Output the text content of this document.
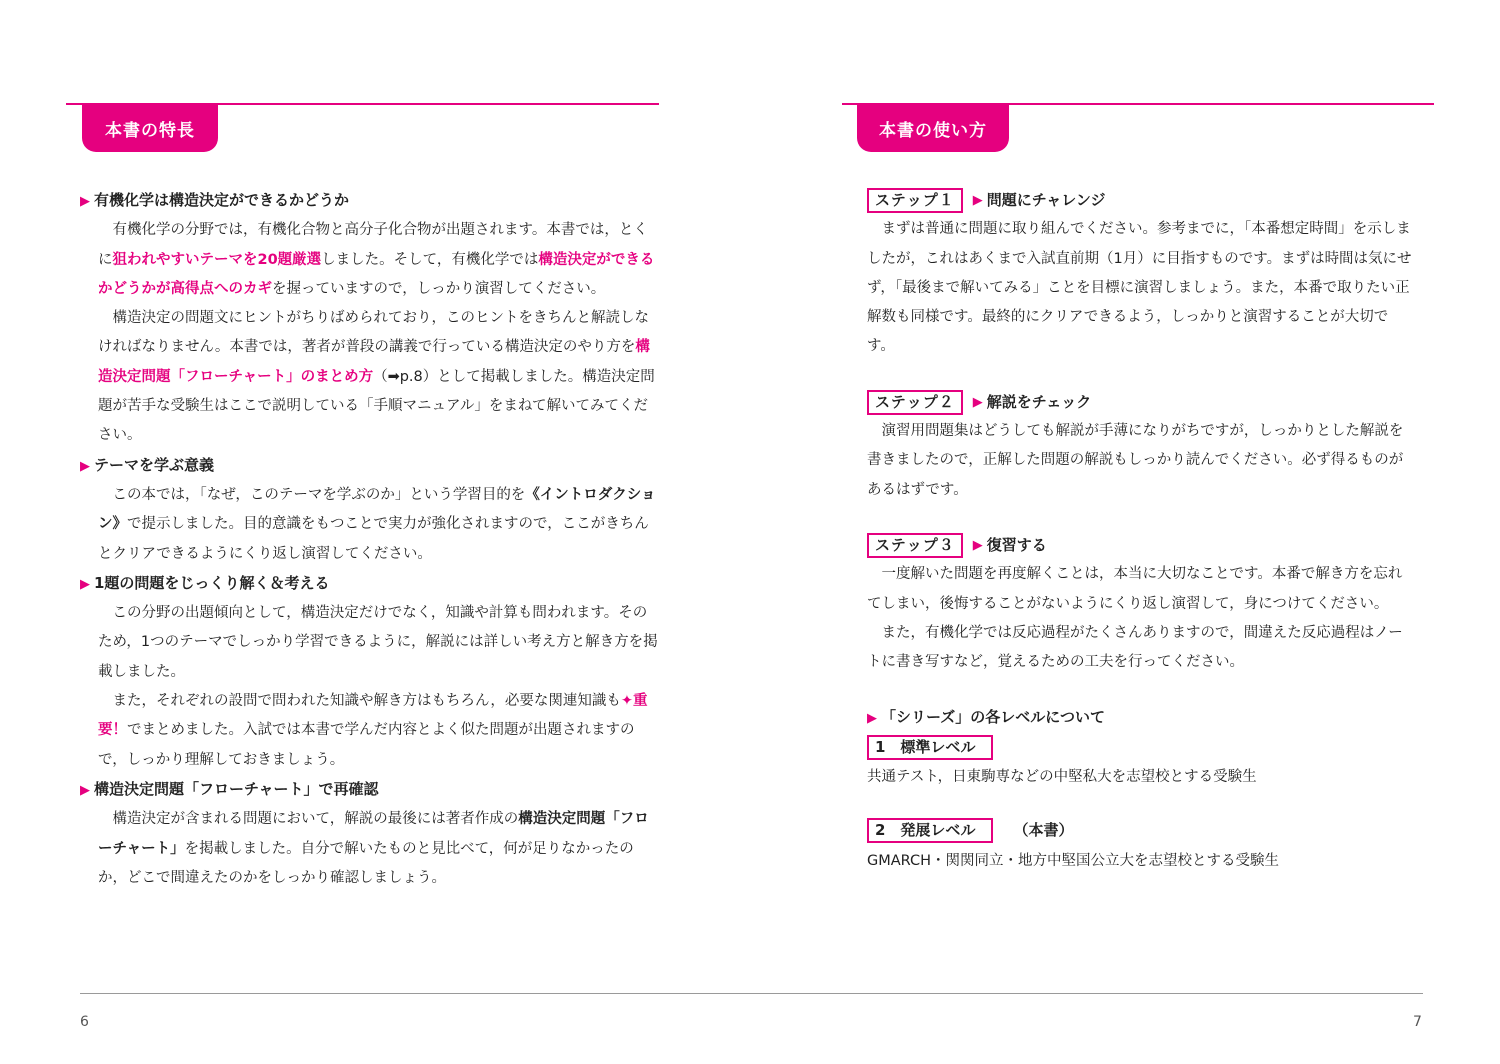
本書の特長

▶ 有機化学は構造決定ができるかどうか

有機化学の分野では，有機化合物と高分子化合物が出題されます。本書では，とくに狙われやすいテーマを20題厳選しました。そして，有機化学では構造決定ができるかどうかが高得点へのカギを握っていますので，しっかり演習してください。

構造決定の問題文にヒントがちりばめられており，このヒントをきちんと解読しなければなりません。本書では，著者が普段の講義で行っている構造決定のやり方を構造決定問題「フローチャート」のまとめ方（➡p.8）として掲載しました。構造決定問題が苦手な受験生はここで説明している「手順マニュアル」をまねて解いてみてください。

▶ テーマを学ぶ意義

この本では，「なぜ，このテーマを学ぶのか」という学習目的を《イントロダクション》で提示しました。目的意識をもつことで実力が強化されますので，ここがきちんとクリアできるようにくり返し演習してください。

▶ 1題の問題をじっくり解く＆考える

この分野の出題傾向として，構造決定だけでなく，知識や計算も問われます。そのため，1つのテーマでしっかり学習できるように，解説には詳しい考え方と解き方を掲載しました。

また，それぞれの設問で問われた知識や解き方はもちろん，必要な関連知識も✦重要！でまとめました。入試では本書で学んだ内容とよく似た問題が出題されますので，しっかり理解しておきましょう。

▶ 構造決定問題「フローチャート」で再確認

構造決定が含まれる問題において，解説の最後には著者作成の構造決定問題「フローチャート」を掲載しました。自分で解いたものと見比べて，何が足りなかったのか，どこで間違えたのかをしっかり確認しましょう。

6
本書の使い方
ステップ１	▶ 問題にチャレンジ

まずは普通に問題に取り組んでください。参考までに，「本番想定時間」を示しましたが，これはあくまで入試直前期（1月）に目指すものです。まずは時間は気にせず，「最後まで解いてみる」ことを目標に演習しましょう。また，本番で取りたい正解数も同様です。最終的にクリアできるよう，しっかりと演習することが大切です。

ステップ２	▶ 解説をチェック

演習用問題集はどうしても解説が手薄になりがちですが，しっかりとした解説を書きましたので，正解した問題の解説もしっかり読んでください。必ず得るものがあるはずです。

ステップ３	▶ 復習する

一度解いた問題を再度解くことは，本当に大切なことです。本番で解き方を忘れてしまい，後悔することがないようにくり返し演習して，身につけてください。

また，有機化学では反応過程がたくさんありますので，間違えた反応過程はノートに書き写すなど，覚えるための工夫を行ってください。

▶ 「シリーズ」の各レベルについて

1　標準レベル

共通テスト，日東駒専などの中堅私大を志望校とする受験生

2　発展レベル	（本書）

GMARCH・関関同立・地方中堅国公立大を志望校とする受験生

7
